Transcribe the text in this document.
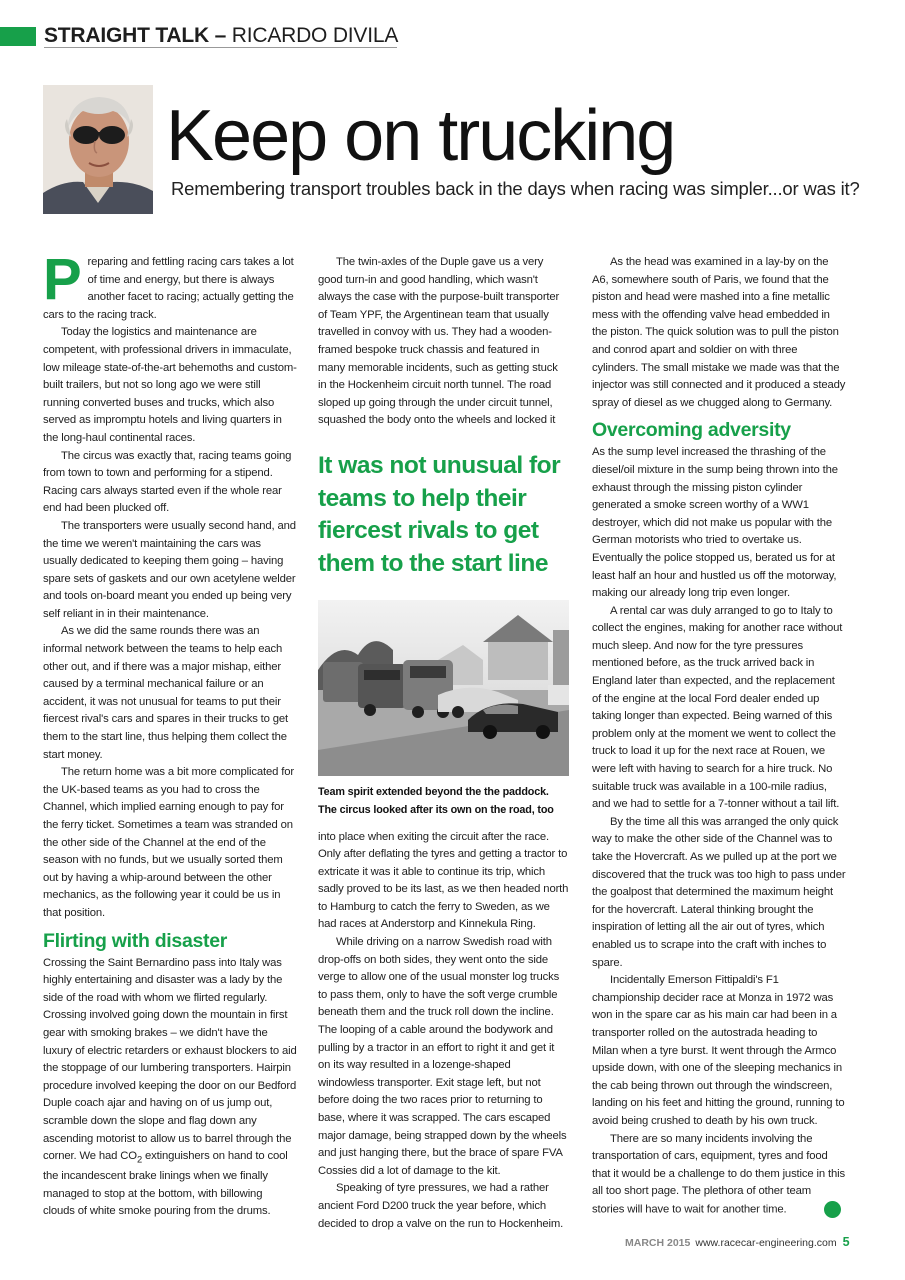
STRAIGHT TALK – RICARDO DIVILA
Keep on trucking
Remembering transport troubles back in the days when racing was simpler...or was it?

Preparing and fettling racing cars takes a lot of time and energy, but there is always another facet to racing; actually getting the cars to the racing track.

Today the logistics and maintenance are competent, with professional drivers in immaculate, low mileage state-of-the-art behemoths and custom-built trailers, but not so long ago we were still running converted buses and trucks, which also served as impromptu hotels and living quarters in the long-haul continental races.

The circus was exactly that, racing teams going from town to town and performing for a stipend. Racing cars always started even if the whole rear end had been plucked off.

The transporters were usually second hand, and the time we weren't maintaining the cars was usually dedicated to keeping them going – having spare sets of gaskets and our own acetylene welder and tools on-board meant you ended up being very self reliant in in their maintenance.

As we did the same rounds there was an informal network between the teams to help each other out, and if there was a major mishap, either caused by a terminal mechanical failure or an accident, it was not unusual for teams to put their fiercest rival's cars and spares in their trucks to get them to the start line, thus helping them collect the start money.

The return home was a bit more complicated for the UK-based teams as you had to cross the Channel, which implied earning enough to pay for the ferry ticket. Sometimes a team was stranded on the other side of the Channel at the end of the season with no funds, but we usually sorted them out by having a whip-around between the other mechanics, as the following year it could be us in that position.

Flirting with disaster

Crossing the Saint Bernardino pass into Italy was highly entertaining and disaster was a lady by the side of the road with whom we flirted regularly. Crossing involved going down the mountain in first gear with smoking brakes – we didn't have the luxury of electric retarders or exhaust blockers to aid the stoppage of our lumbering transporters. Hairpin procedure involved keeping the door on our Bedford Duple coach ajar and having on of us jump out, scramble down the slope and flag down any ascending motorist to allow us to barrel through the corner. We had $CO_2$ extinguishers on hand to cool the incandescent brake linings when we finally managed to stop at the bottom, with billowing clouds of white smoke pouring from the drums.

The twin-axles of the Duple gave us a very good turn-in and good handling, which wasn't always the case with the purpose-built transporter of Team YPF, the Argentinean team that usually travelled in convoy with us. They had a wooden-framed bespoke truck chassis and featured in many memorable incidents, such as getting stuck in the Hockenheim circuit north tunnel. The road sloped up going through the under circuit tunnel, squashed the body onto the wheels and locked it

It was not unusual for teams to help their fiercest rivals to get them to the start line
Team spirit extended beyond the the paddock. The circus looked after its own on the road, too

into place when exiting the circuit after the race. Only after deflating the tyres and getting a tractor to extricate it was it able to continue its trip, which sadly proved to be its last, as we then headed north to Hamburg to catch the ferry to Sweden, as we had races at Anderstorp and Kinnekula Ring.

While driving on a narrow Swedish road with drop-offs on both sides, they went onto the side verge to allow one of the usual monster log trucks to pass them, only to have the soft verge crumble beneath them and the truck roll down the incline. The looping of a cable around the bodywork and pulling by a tractor in an effort to right it and get it on its way resulted in a lozenge-shaped windowless transporter. Exit stage left, but not before doing the two races prior to returning to base, where it was scrapped. The cars escaped major damage, being strapped down by the wheels and just hanging there, but the brace of spare FVA Cossies did a lot of damage to the kit.

Speaking of tyre pressures, we had a rather ancient Ford D200 truck the year before, which decided to drop a valve on the run to Hockenheim.

As the head was examined in a lay-by on the A6, somewhere south of Paris, we found that the piston and head were mashed into a fine metallic mess with the offending valve head embedded in the piston. The quick solution was to pull the piston and conrod apart and soldier on with three cylinders. The small mistake we made was that the injector was still connected and it produced a steady spray of diesel as we chugged along to Germany.

Overcoming adversity

As the sump level increased the thrashing of the diesel/oil mixture in the sump being thrown into the exhaust through the missing piston cylinder generated a smoke screen worthy of a WW1 destroyer, which did not make us popular with the German motorists who tried to overtake us. Eventually the police stopped us, berated us for at least half an hour and hustled us off the motorway, making our already long trip even longer.

A rental car was duly arranged to go to Italy to collect the engines, making for another race without much sleep. And now for the tyre pressures mentioned before, as the truck arrived back in England later than expected, and the replacement of the engine at the local Ford dealer ended up taking longer than expected. Being warned of this problem only at the moment we went to collect the truck to load it up for the next race at Rouen, we were left with having to search for a hire truck. No suitable truck was available in a 100-mile radius, and we had to settle for a 7-tonner without a tail lift.

By the time all this was arranged the only quick way to make the other side of the Channel was to take the Hovercraft. As we pulled up at the port we discovered that the truck was too high to pass under the goalpost that determined the maximum height for the hovercraft. Lateral thinking brought the inspiration of letting all the air out of tyres, which enabled us to scrape into the craft with inches to spare.

Incidentally Emerson Fittipaldi's F1 championship decider race at Monza in 1972 was won in the spare car as his main car had been in a transporter rolled on the autostrada heading to Milan when a tyre burst. It went through the Armco upside down, with one of the sleeping mechanics in the cab being thrown out through the windscreen, landing on his feet and hitting the ground, running to avoid being crushed to death by his own truck.

There are so many incidents involving the transportation of cars, equipment, tyres and food that it would be a challenge to do them justice in this all too short page. The plethora of other team stories will have to wait for another time.	R

MARCH 2015 www.racecar-engineering.com 5
